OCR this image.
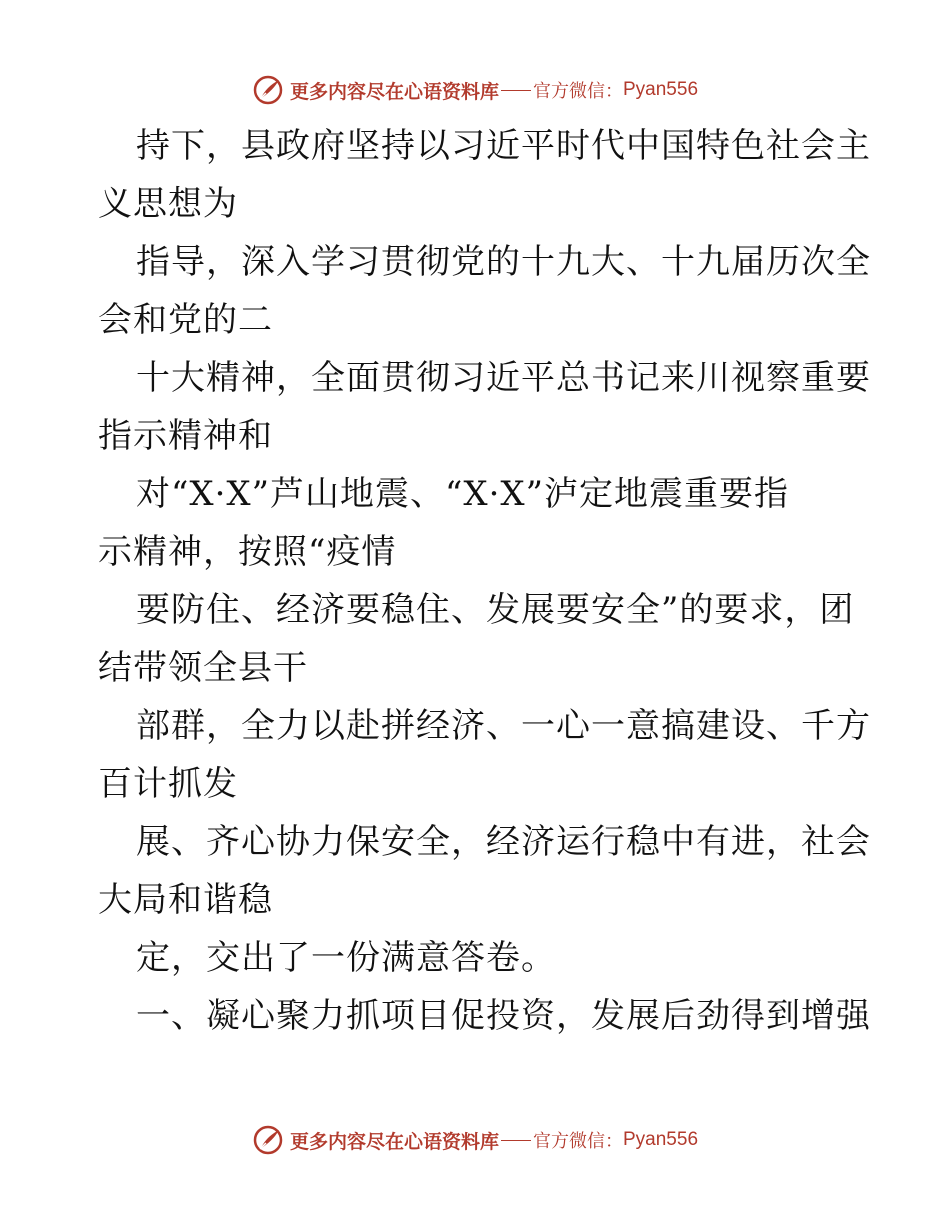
更多内容尽在心语资料库 官方微信： Pyan556
持下，县政府坚持以习近平时代中国特色社会主
义思想为
指导，深入学习贯彻党的十九大、十九届历次全
会和党的二
十大精神，全面贯彻习近平总书记来川视察重要
指示精神和
对“X·X”芦山地震、“X·X”泸定地震重要指
示精神，按照“疫情
要防住、经济要稳住、发展要安全”的要求，团
结带领全县干
部群，全力以赴拼经济、一心一意搞建设、千方
百计抓发
展、齐心协力保安全，经济运行稳中有进，社会
大局和谐稳
定，交出了一份满意答卷。
一、凝心聚力抓项目促投资，发展后劲得到增强
更多内容尽在心语资料库 官方微信： Pyan556
